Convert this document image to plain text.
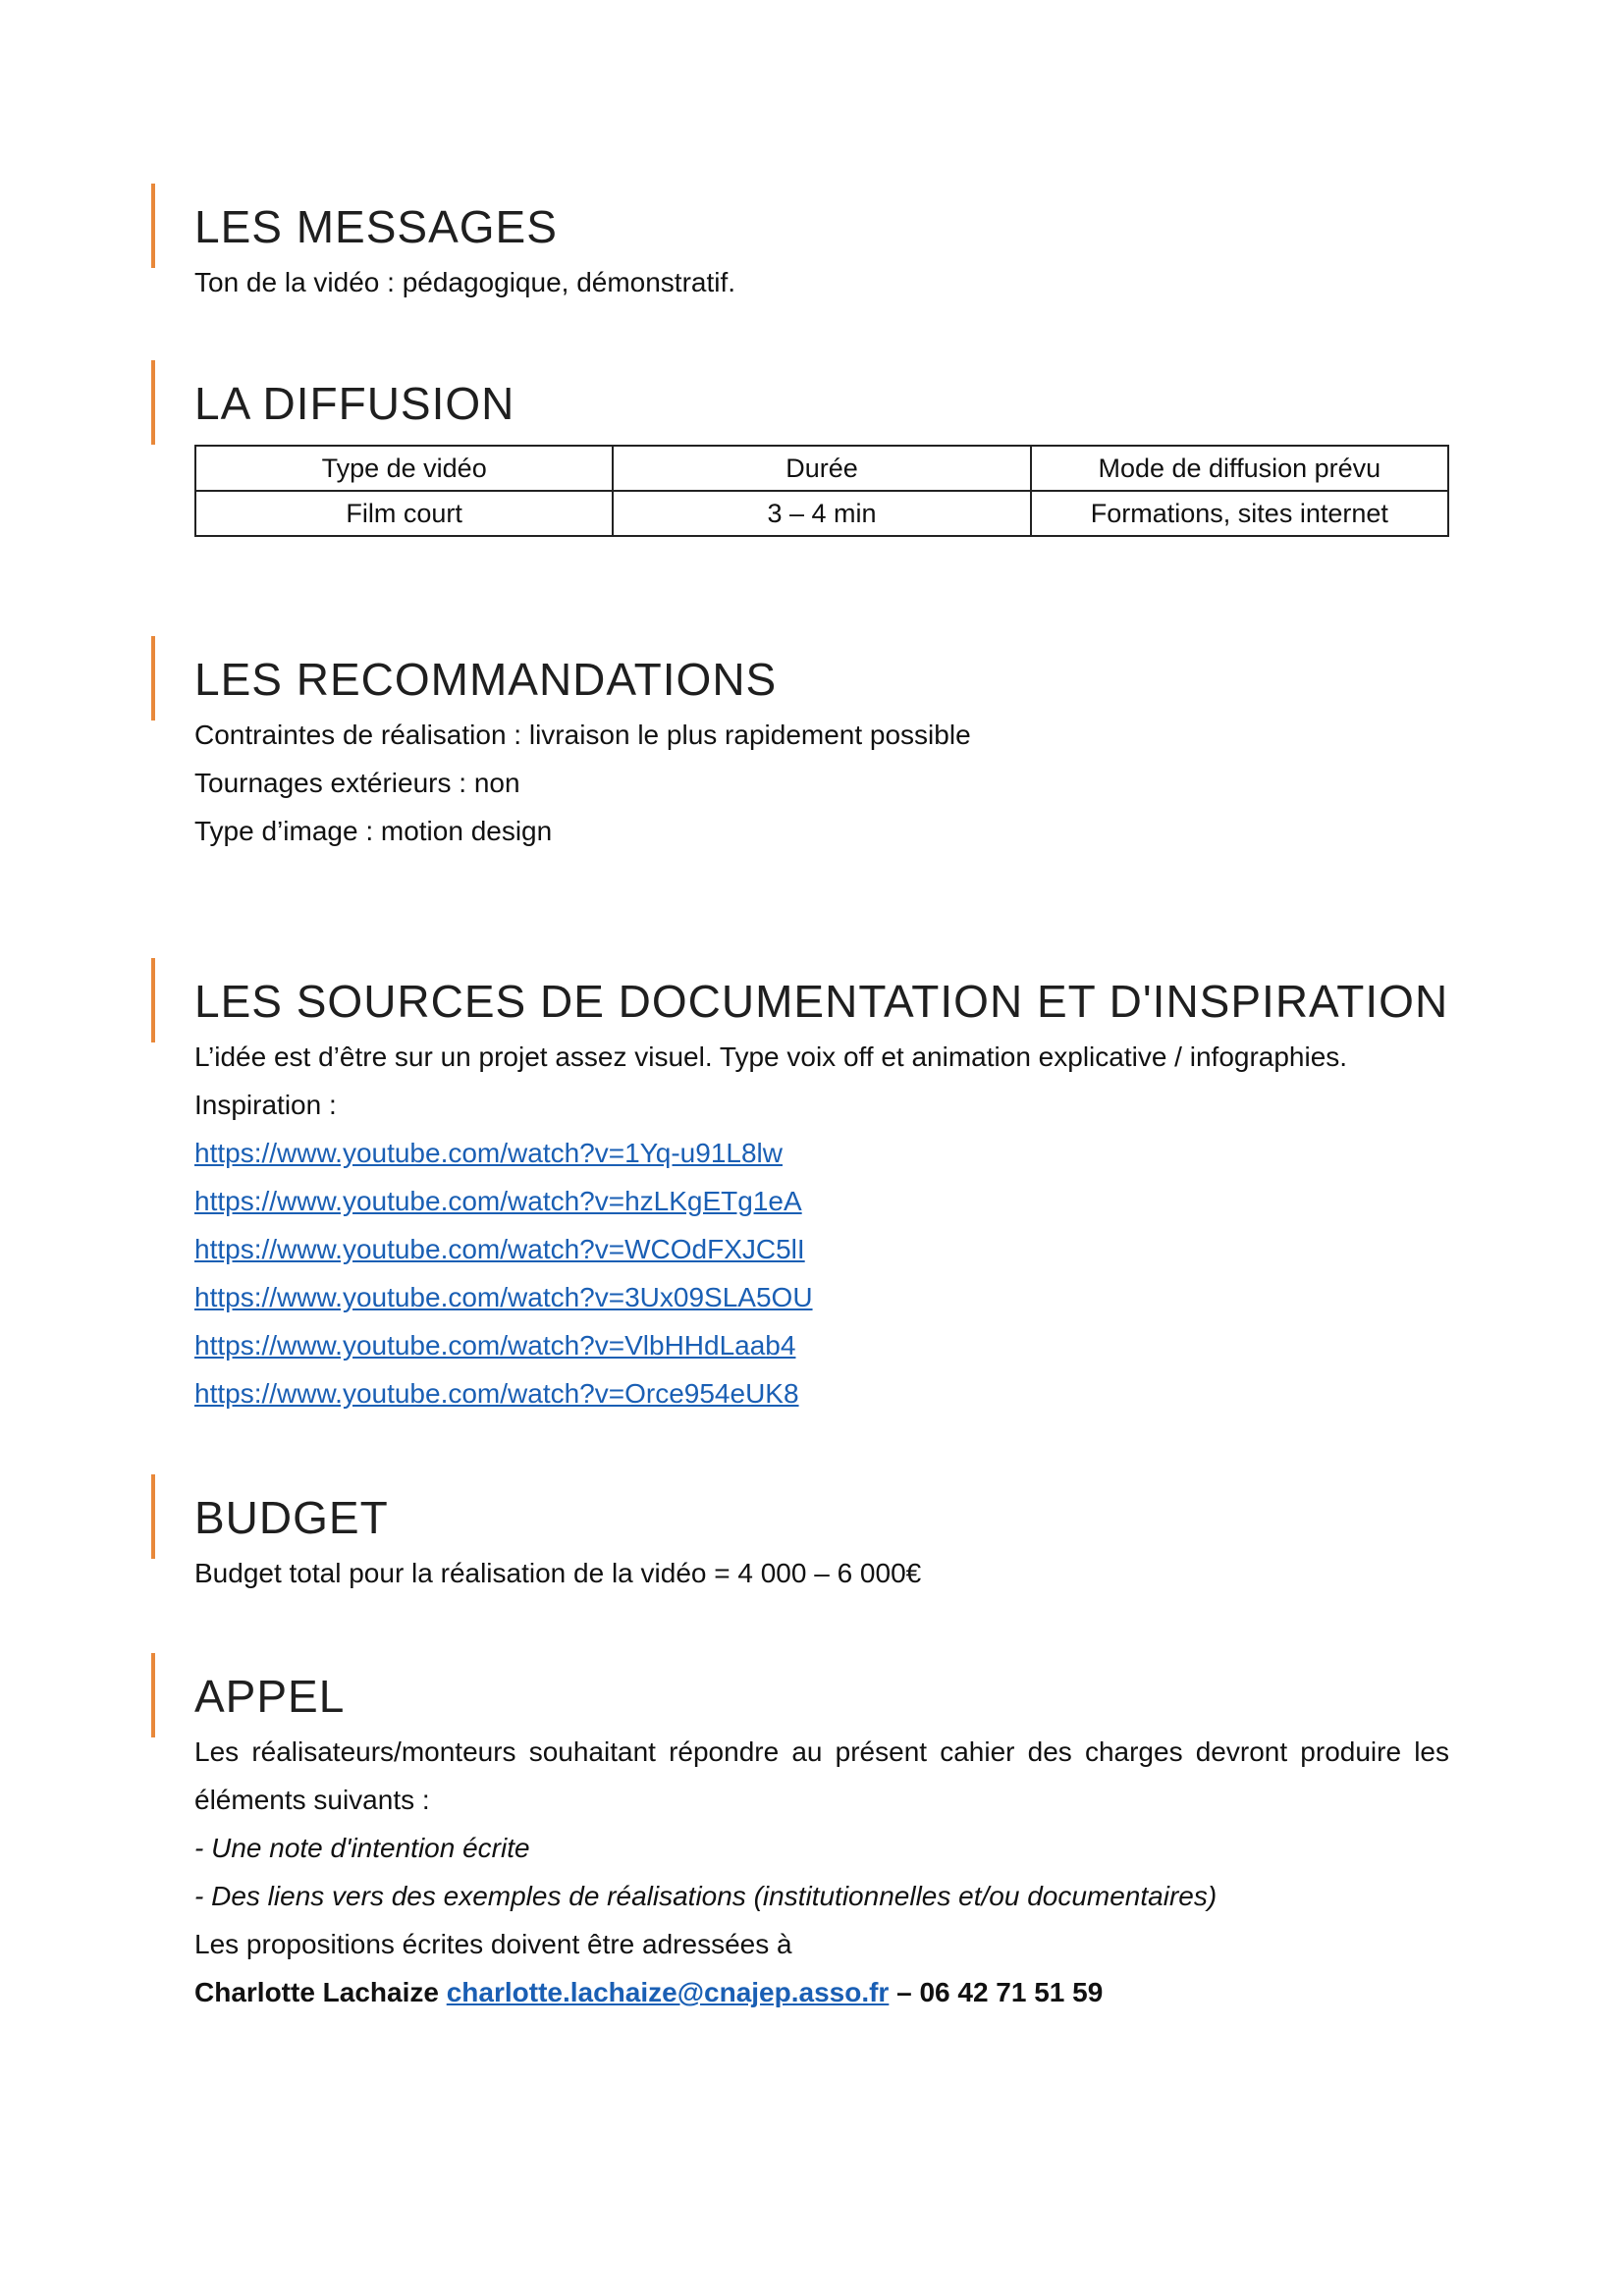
LES MESSAGES

Ton de la vidéo : pédagogique, démonstratif.

LA DIFFUSION
Type de vidéo	Durée	Mode de diffusion prévu
Film court	3 – 4 min	Formations, sites internet
LES RECOMMANDATIONS

Contraintes de réalisation : livraison le plus rapidement possible

Tournages extérieurs : non

Type d’image : motion design

LES SOURCES DE DOCUMENTATION ET D'INSPIRATION

L’idée est d’être sur un projet assez visuel. Type voix off et animation explicative / infographies.

Inspiration :

https://www.youtube.com/watch?v=1Yq-u91L8lw

https://www.youtube.com/watch?v=hzLKgETg1eA

https://www.youtube.com/watch?v=WCOdFXJC5lI

https://www.youtube.com/watch?v=3Ux09SLA5OU

https://www.youtube.com/watch?v=VlbHHdLaab4

https://www.youtube.com/watch?v=Orce954eUK8

BUDGET

Budget total pour la réalisation de la vidéo = 4 000 – 6 000€

APPEL

Les réalisateurs/monteurs souhaitant répondre au présent cahier des charges devront produire les éléments suivants :

- Une note d'intention écrite

- Des liens vers des exemples de réalisations (institutionnelles et/ou documentaires)

Les propositions écrites doivent être adressées à

Charlotte Lachaize charlotte.lachaize@cnajep.asso.fr – 06 42 71 51 59
